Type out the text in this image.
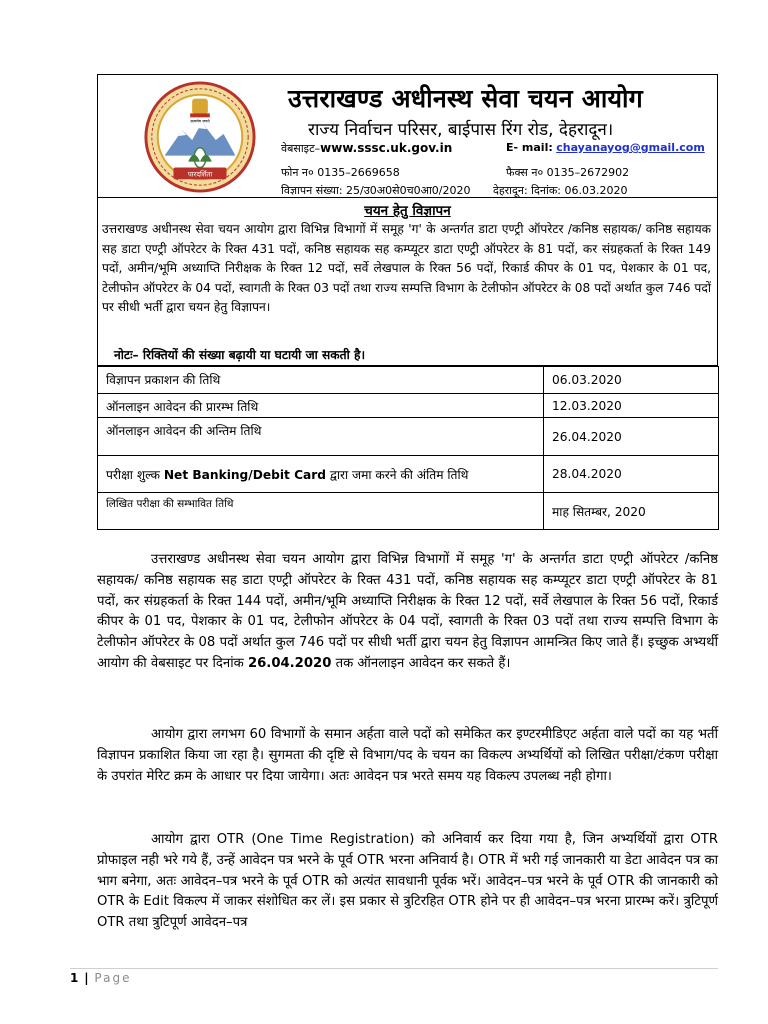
पारदर्शिता
सत्यमेव जयते
उत्तराखण्ड अधीनस्थ सेवा चयन आयोग
राज्य निर्वाचन परिसर, बाईपास रिंग रोड, देहरादून।
वेबसाइट–www.sssc.uk.gov.in	E- mail: chayanayog@gmail.com
फोन न० 0135–2669658	फैक्स न० 0135–2672902
विज्ञापन संख्या: 25/उ0अ0से0च0आ0/2020 देहरादून: दिनांक: 06.03.2020
चयन हेतु विज्ञापन
उत्तराखण्ड अधीनस्थ सेवा चयन आयोग द्वारा विभिन्न विभागों में समूह 'ग' के अन्तर्गत डाटा एण्ट्री ऑपरेटर /कनिष्ठ सहायक/ कनिष्ठ सहायक सह डाटा एण्ट्री ऑपरेटर के रिक्त 431 पदों, कनिष्ठ सहायक सह कम्प्यूटर डाटा एण्ट्री ऑपरेटर के 81 पदों, कर संग्रहकर्ता के रिक्त 149 पदों, अमीन/भूमि अध्याप्ति निरीक्षक के रिक्त 12 पदों, सर्वे लेखपाल के रिक्त 56 पदों, रिकार्ड कीपर के 01 पद, पेशकार के 01 पद, टेलीफोन ऑपरेटर के 04 पदों, स्वागती के रिक्त 03 पदों तथा राज्य सम्पत्ति विभाग के टेलीफोन ऑपरेटर के 08 पदों अर्थात कुल 746 पदों पर सीधी भर्ती द्वारा चयन हेतु विज्ञापन।
नोटः– रिक्तियों की संख्या बढ़ायी या घटायी जा सकती है।
विज्ञापन प्रकाशन की तिथि	06.03.2020
ऑनलाइन आवेदन की प्रारम्भ तिथि	12.03.2020
ऑनलाइन आवेदन की अन्तिम तिथि	26.04.2020
परीक्षा शुल्क Net Banking/Debit Card द्वारा जमा करने की अंतिम तिथि	28.04.2020
लिखित परीक्षा की सम्भावित तिथि	माह सितम्बर, 2020
उत्तराखण्ड अधीनस्थ सेवा चयन आयोग द्वारा विभिन्न विभागों में समूह 'ग' के अन्तर्गत डाटा एण्ट्री ऑपरेटर /कनिष्ठ सहायक/ कनिष्ठ सहायक सह डाटा एण्ट्री ऑपरेटर के रिक्त 431 पदों, कनिष्ठ सहायक सह कम्प्यूटर डाटा एण्ट्री ऑपरेटर के 81 पदों, कर संग्रहकर्ता के रिक्त 144 पदों, अमीन/भूमि अध्याप्ति निरीक्षक के रिक्त 12 पदों, सर्वे लेखपाल के रिक्त 56 पदों, रिकार्ड कीपर के 01 पद, पेशकार के 01 पद, टेलीफोन ऑपरेटर के 04 पदों, स्वागती के रिक्त 03 पदों तथा राज्य सम्पत्ति विभाग के टेलीफोन ऑपरेटर के 08 पदों अर्थात कुल 746 पदों पर सीधी भर्ती द्वारा चयन हेतु विज्ञापन आमन्त्रित किए जाते हैं। इच्छुक अभ्यर्थी आयोग की वेबसाइट पर दिनांक 26.04.2020 तक ऑनलाइन आवेदन कर सकते हैं।
आयोग द्वारा लगभग 60 विभागों के समान अर्हता वाले पदों को समेकित कर इण्टरमीडिएट अर्हता वाले पदों का यह भर्ती विज्ञापन प्रकाशित किया जा रहा है। सुगमता की दृष्टि से विभाग/पद के चयन का विकल्प अभ्यर्थियों को लिखित परीक्षा/टंकण परीक्षा के उपरांत मेरिट क्रम के आधार पर दिया जायेगा। अतः आवेदन पत्र भरते समय यह विकल्प उपलब्ध नही होगा।
आयोग द्वारा OTR (One Time Registration) को अनिवार्य कर दिया गया है, जिन अभ्यर्थियों द्वारा OTR प्रोफाइल नही भरे गये हैं, उन्हें आवेदन पत्र भरने के पूर्व OTR भरना अनिवार्य है। OTR में भरी गई जानकारी या डेटा आवेदन पत्र का भाग बनेगा, अतः आवेदन–पत्र भरने के पूर्व OTR को अत्यंत सावधानी पूर्वक भरें। आवेदन–पत्र भरने के पूर्व OTR की जानकारी को OTR के Edit विकल्प में जाकर संशोधित कर लें। इस प्रकार से त्रुटिरहित OTR होने पर ही आवेदन–पत्र भरना प्रारम्भ करें। त्रुटिपूर्ण OTR तथा त्रुटिपूर्ण आवेदन–पत्र
1 | Page
